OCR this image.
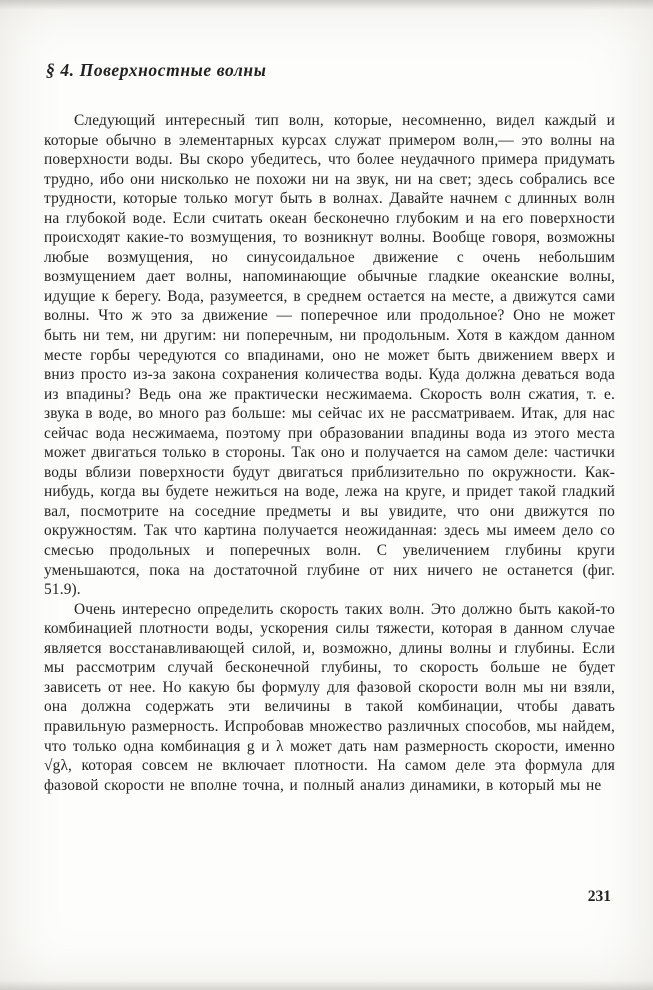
§ 4. Поверхностные волны

Следующий интересный тип волн, которые, несомненно, видел каждый и которые обычно в элементарных курсах служат примером волн,— это волны на поверхности воды. Вы скоро убедитесь, что более неудачного примера придумать трудно, ибо они нисколько не похожи ни на звук, ни на свет; здесь собрались все трудности, которые только могут быть в волнах. Давайте начнем с длинных волн на глубокой воде. Если считать океан бесконечно глубоким и на его поверхности происходят какие-то возмущения, то возникнут волны. Вообще говоря, возможны любые возмущения, но синусоидальное движение с очень небольшим возмущением дает волны, напоминающие обычные гладкие океанские волны, идущие к берегу. Вода, разумеется, в среднем остается на месте, а движутся сами волны. Что ж это за движение — поперечное или продольное? Оно не может быть ни тем, ни другим: ни поперечным, ни продольным. Хотя в каждом данном месте горбы чередуются со впадинами, оно не может быть движением вверх и вниз просто из-за закона сохранения количества воды. Куда должна деваться вода из впадины? Ведь она же практически несжимаема. Скорость волн сжатия, т. е. звука в воде, во много раз больше: мы сейчас их не рассматриваем. Итак, для нас сейчас вода несжимаема, поэтому при образовании впадины вода из этого места может двигаться только в стороны. Так оно и получается на самом деле: частички воды вблизи поверхности будут двигаться приблизительно по окружности. Как-нибудь, когда вы будете нежиться на воде, лежа на круге, и придет такой гладкий вал, посмотрите на соседние предметы и вы увидите, что они движутся по окружностям. Так что картина получается неожиданная: здесь мы имеем дело со смесью продольных и поперечных волн. С увеличением глубины круги уменьшаются, пока на достаточной глубине от них ничего не останется (фиг. 51.9).

Очень интересно определить скорость таких волн. Это должно быть какой-то комбинацией плотности воды, ускорения силы тяжести, которая в данном случае является восстанавливающей силой, и, возможно, длины волны и глубины. Если мы рассмотрим случай бесконечной глубины, то скорость больше не будет зависеть от нее. Но какую бы формулу для фазовой скорости волн мы ни взяли, она должна содержать эти величины в такой комбинации, чтобы давать правильную размерность. Испробовав множество различных способов, мы найдем, что только одна комбинация g и λ может дать нам размерность скорости, именно √gλ, которая совсем не включает плотности. На самом деле эта формула для фазовой скорости не вполне точна, и полный анализ динамики, в который мы не

231
